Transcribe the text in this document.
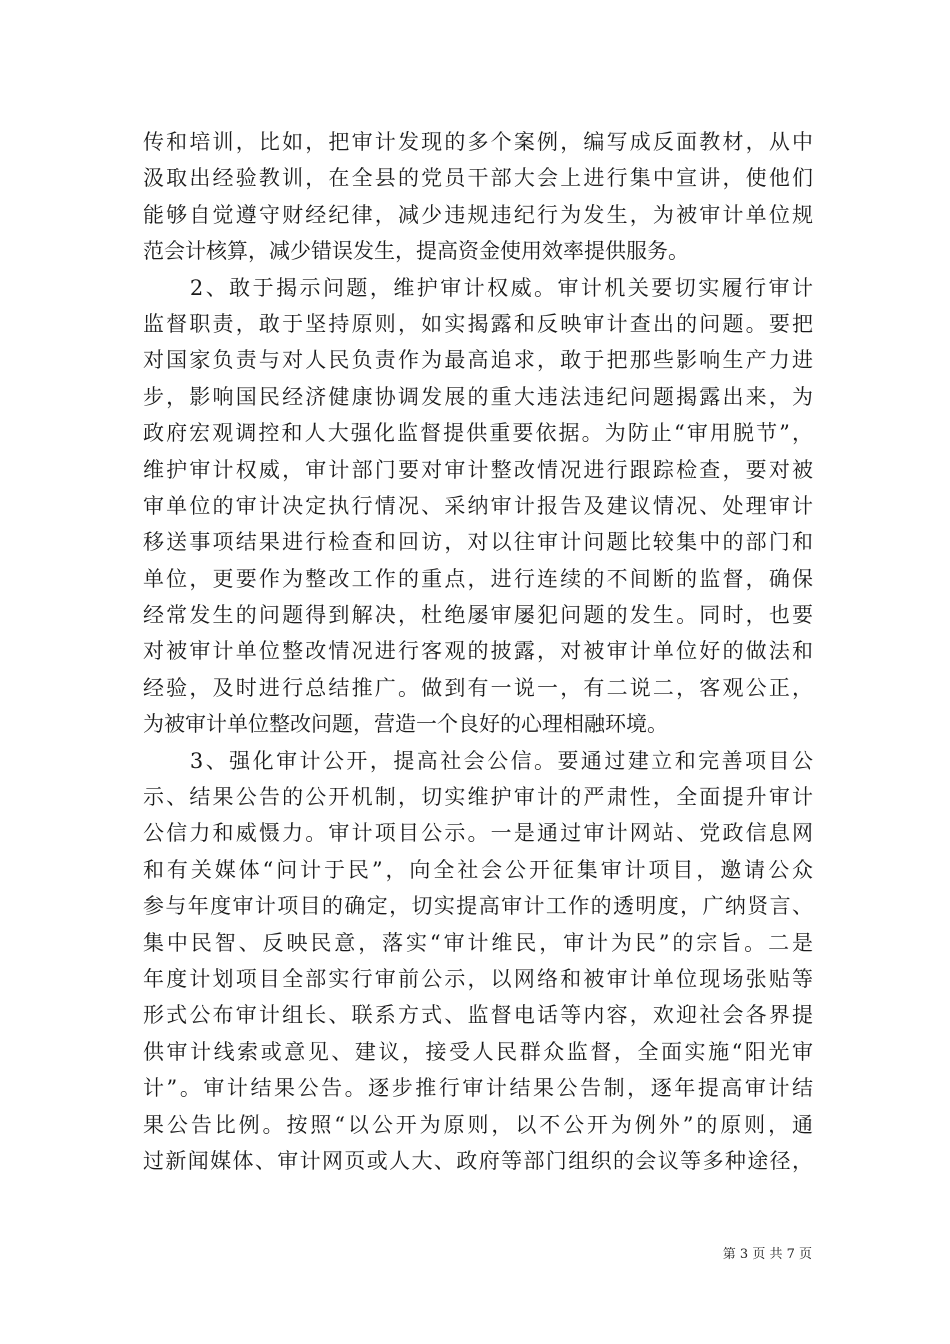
传和培训，比如，把审计发现的多个案例，编写成反面教材，从中
汲取出经验教训，在全县的党员干部大会上进行集中宣讲，使他们
能够自觉遵守财经纪律，减少违规违纪行为发生，为被审计单位规
范会计核算，减少错误发生，提高资金使用效率提供服务。
　　2、敢于揭示问题，维护审计权威。审计机关要切实履行审计
监督职责，敢于坚持原则，如实揭露和反映审计查出的问题。要把
对国家负责与对人民负责作为最高追求，敢于把那些影响生产力进
步，影响国民经济健康协调发展的重大违法违纪问题揭露出来，为
政府宏观调控和人大强化监督提供重要依据。为防止“审用脱节”，
维护审计权威，审计部门要对审计整改情况进行跟踪检查，要对被
审单位的审计决定执行情况、采纳审计报告及建议情况、处理审计
移送事项结果进行检查和回访，对以往审计问题比较集中的部门和
单位，更要作为整改工作的重点，进行连续的不间断的监督，确保
经常发生的问题得到解决，杜绝屡审屡犯问题的发生。同时，也要
对被审计单位整改情况进行客观的披露，对被审计单位好的做法和
经验，及时进行总结推广。做到有一说一，有二说二，客观公正，
为被审计单位整改问题，营造一个良好的心理相融环境。
　　3、强化审计公开，提高社会公信。要通过建立和完善项目公
示、结果公告的公开机制，切实维护审计的严肃性，全面提升审计
公信力和威慑力。审计项目公示。一是通过审计网站、党政信息网
和有关媒体“问计于民”，向全社会公开征集审计项目，邀请公众
参与年度审计项目的确定，切实提高审计工作的透明度，广纳贤言、
集中民智、反映民意，落实“审计维民，审计为民”的宗旨。二是
年度计划项目全部实行审前公示，以网络和被审计单位现场张贴等
形式公布审计组长、联系方式、监督电话等内容，欢迎社会各界提
供审计线索或意见、建议，接受人民群众监督，全面实施“阳光审
计”。审计结果公告。逐步推行审计结果公告制，逐年提高审计结
果公告比例。按照“以公开为原则，以不公开为例外”的原则，通
过新闻媒体、审计网页或人大、政府等部门组织的会议等多种途径，
第 3 页 共 7 页
